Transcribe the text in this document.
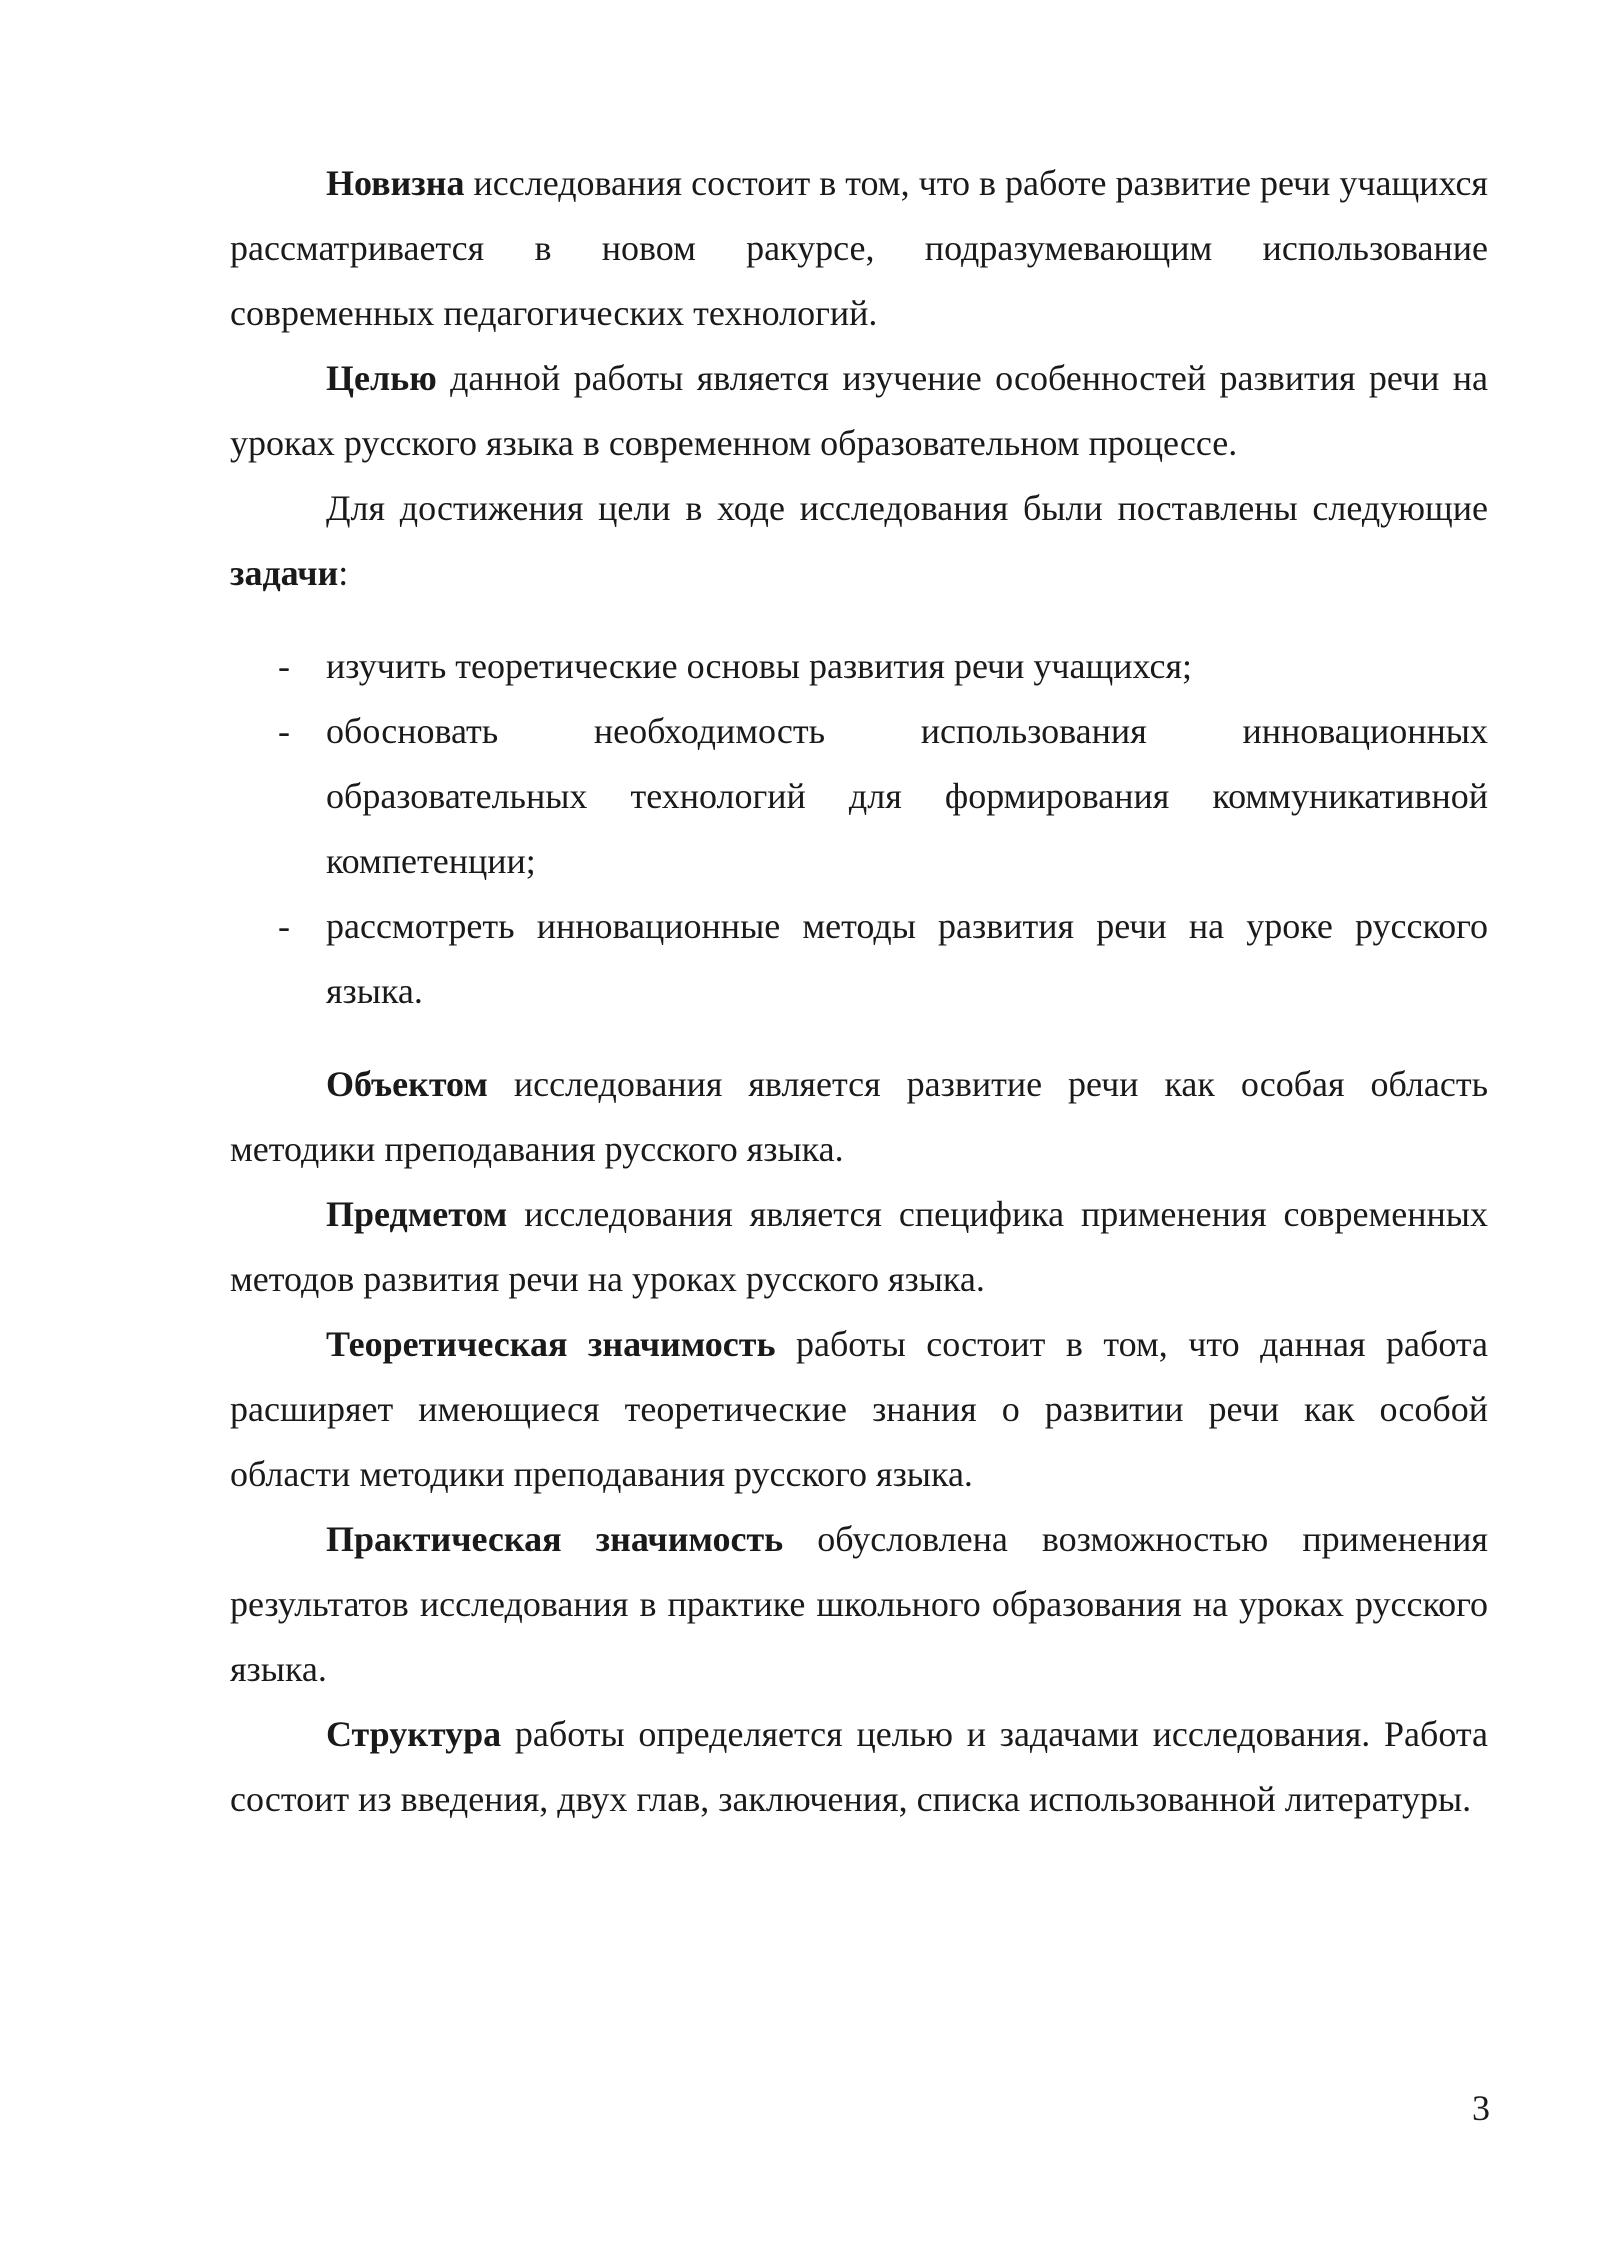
Новизна исследования состоит в том, что в работе развитие речи учащихся рассматривается в новом ракурсе, подразумевающим использование современных педагогических технологий.

Целью данной работы является изучение особенностей развития речи на уроках русского языка в современном образовательном процессе.

Для достижения цели в ходе исследования были поставлены следующие задачи:

- изучить теоретические основы развития речи учащихся;
- обосновать необходимость использования инновационных образовательных технологий для формирования коммуникативной компетенции;
- рассмотреть инновационные методы развития речи на уроке русского языка.

Объектом исследования является развитие речи как особая область методики преподавания русского языка.

Предметом исследования является специфика применения современных методов развития речи на уроках русского языка.

Теоретическая значимость работы состоит в том, что данная работа расширяет имеющиеся теоретические знания о развитии речи как особой области методики преподавания русского языка.

Практическая значимость обусловлена возможностью применения результатов исследования в практике школьного образования на уроках русского языка.

Структура работы определяется целью и задачами исследования. Работа состоит из введения, двух глав, заключения, списка использованной литературы.

3
